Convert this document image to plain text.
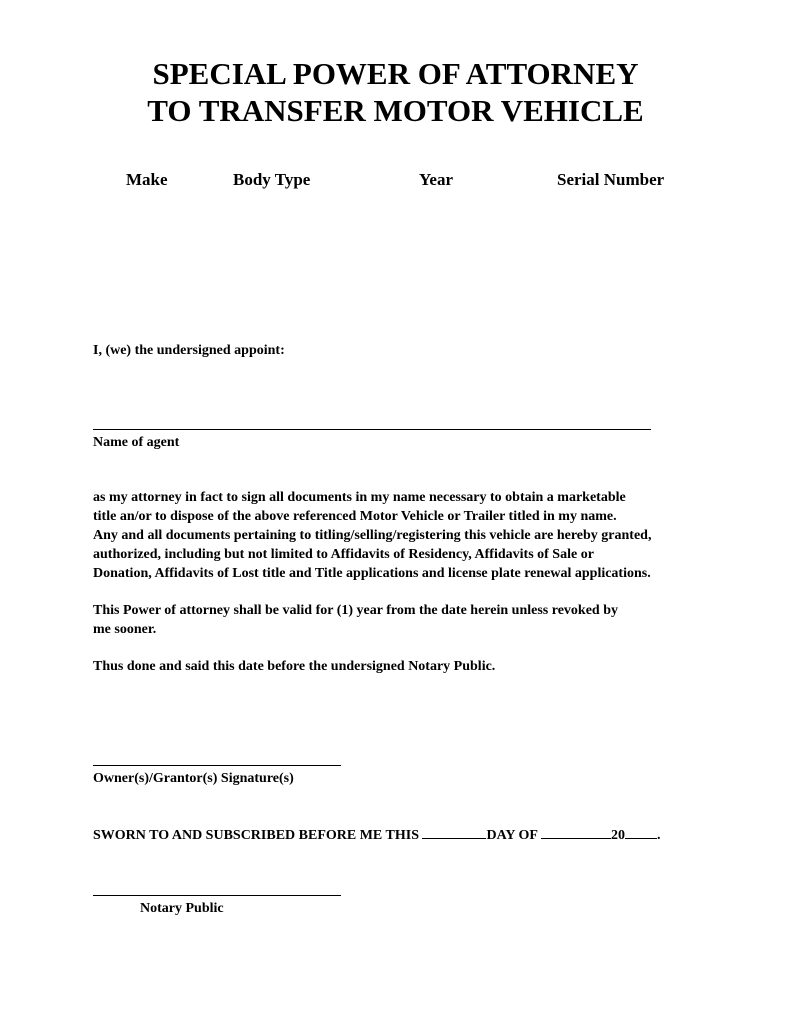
SPECIAL POWER OF ATTORNEY
TO TRANSFER MOTOR VEHICLE
Make	Body Type	Year	Serial Number
I, (we) the undersigned appoint:
Name of agent
as my attorney in fact to sign all documents in my name necessary to obtain a marketable
title an/or to dispose of the above referenced Motor Vehicle or Trailer titled in my name.
Any and all documents pertaining to titling/selling/registering this vehicle are hereby granted,
authorized, including but not limited to Affidavits of Residency, Affidavits of Sale or
Donation, Affidavits of Lost title and Title applications and license plate renewal applications.
This Power of attorney shall be valid for (1) year from the date herein unless revoked by
me sooner.
Thus done and said this date before the undersigned Notary Public.
Owner(s)/Grantor(s) Signature(s)
SWORN TO AND SUBSCRIBED BEFORE ME THIS	DAY OF	20 .
Notary Public
